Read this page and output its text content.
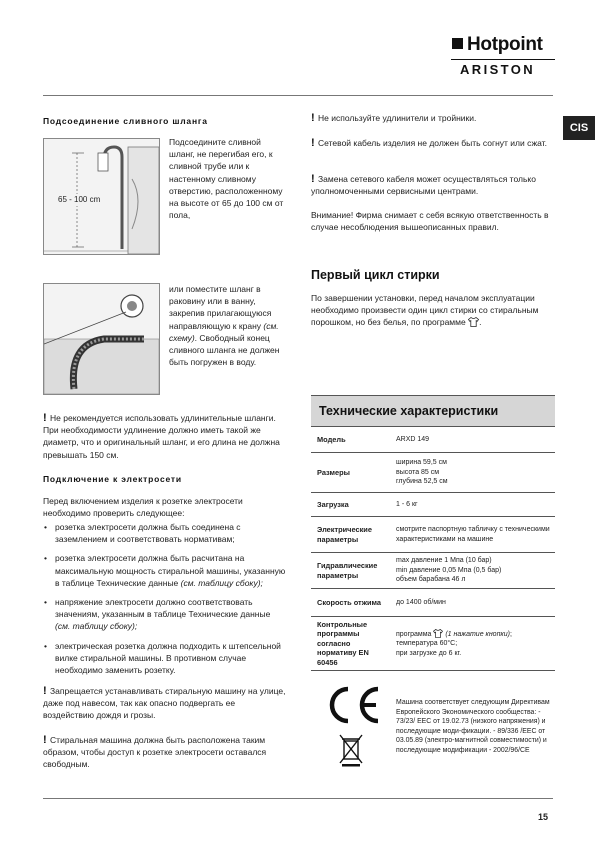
Hotpoint
ARISTON
CIS
Подсоединение сливного шланга
65 - 100 cm
Подсоедините сливной шланг, не перегибая его, к сливной трубе или к настенному сливному отверстию, расположенному на высоте от 65 до 100 см от пола,
или поместите шланг в раковину или в ванну, закрепив прилагающуюся направляющую к крану (см. схему). Свободный конец сливного шланга не должен быть погружен в воду.
! Не рекомендуется использовать удлинительные шланги. При необходимости удлинение должно иметь такой же диаметр, что и оригинальный шланг, и его длина не должна превышать 150 см.
Подключение к электросети
Перед включением изделия к розетке электросети необходимо проверить следующее:
• розетка электросети должна быть соединена с заземлением и соответствовать нормативам;
• розетка электросети должна быть расчитана на максимальную мощность стиральной машины, указанную в таблице Технические данные (см. таблицу сбоку);
• напряжение электросети должно соответствовать значениям, указанным в таблице Технические данные (см. таблицу сбоку);
• электрическая розетка должна подходить к штепсельной вилке стиральной машины. В противном случае необходимо заменить розетку.
! Запрещается устанавливать стиральную машину на улице, даже под навесом, так как опасно подвергать ее воздействию дождя и грозы.
! Стиральная машина должна быть расположена таким образом, чтобы доступ к розетке электросети оставался свободным.
! Не используйте удлинители и тройники.
! Сетевой кабель изделия не должен быть согнут или сжат.
! Замена сетевого кабеля может осуществляться только уполномоченными сервисными центрами.
Внимание! Фирма снимает с себя всякую ответственность в случае несоблюдения вышеописанных правил.
Первый цикл стирки
По завершении установки, перед началом эксплуатации необходимо произвести один цикл стирки со стиральным порошком, но без белья, по программе .
Технические характеристики
Модель	ARXD 149
Размеры	ширина 59,5 см
высота 85 см
глубина 52,5 см

Загрузка	1 - 6 кг
Электрические параметры	смотрите паспортную табличку с техническими характеристиками на машине
Гидравлические параметры	max давление 1 Mпа (10 бар)
min давление 0,05 Mпа (0,5 бар)
объем барабана 46 л

Скорость отжима	до 1400 об/мин
Контрольные программы согласно нормативу EN 60456	программа (1 нажатие кнопки);
температура 60°С;
при загрузке до 6 кг.

	Машина соответствует следующим Директивам Европейского Экономического сообщества: - 73/23/ EEC от 19.02.73 (низкого напряжения) и последующие моди-фикации. - 89/336 /EEC от 03.05.89 (электро-магнитной совместимости) и последующие модификации - 2002/96/CE
15
